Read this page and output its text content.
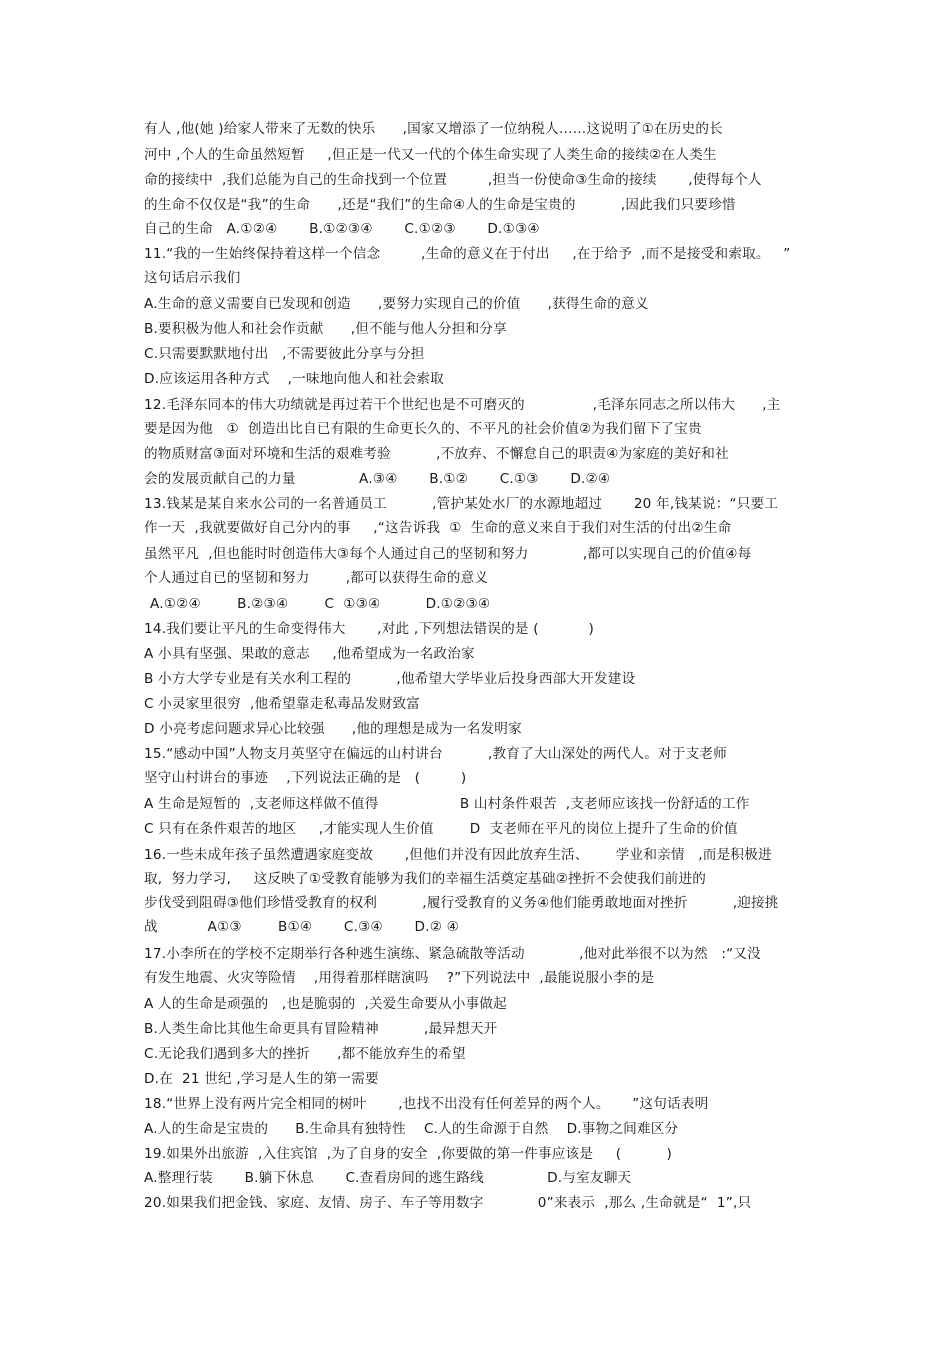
有人 ,他(她 )给家人带来了无数的快乐      ,国家又增添了一位纳税人……这说明了①在历史的长
河中 ,个人的生命虽然短暂     ,但正是一代又一代的个体生命实现了人类生命的接续②在人类生
命的接续中  ,我们总能为自己的生命找到一个位置         ,担当一份使命③生命的接续       ,使得每个人
的生命不仅仅是“我”的生命      ,还是“我们”的生命④人的生命是宝贵的          ,因此我们只要珍惜
自己的生命   A.①②④       B.①②③④       C.①②③       D.①③④
11.“我的一生始终保持着这样一个信念         ,生命的意义在于付出     ,在于给予  ,而不是接受和索取。   ”
这句话启示我们
A.生命的意义需要自已发现和创造      ,要努力实现自己的价值      ,获得生命的意义
B.要积极为他人和社会作贡献      ,但不能与他人分担和分享
C.只需要默默地付出   ,不需要彼此分享与分担
D.应该运用各种方式    ,一味地向他人和社会索取
12.毛泽东同本的伟大功绩就是再过若干个世纪也是不可磨灭的               ,毛泽东同志之所以伟大      ,主
要是因为他   ①  创造出比自已有限的生命更长久的、不平凡的社会价值②为我们留下了宝贵
的物质财富③面对环境和生活的艰难考验          ,不放弃、不懈怠自己的职责④为家庭的美好和社
会的发展贡献自己的力量              A.③④       B.①②       C.①③       D.②④
13.钱某是某自来水公司的一名普通员工          ,管护某处水厂的水源地超过       20 年,钱某说：“只要工
作一天  ,我就要做好自己分内的事     ,“这告诉我  ①  生命的意义来自于我们对生活的付出②生命
虽然平凡  ,但也能时时创造伟大③每个人通过自己的坚韧和努力            ,都可以实现自己的价值④每
个人通过自已的坚韧和努力        ,都可以获得生命的意义
A.①②④        B.②③④        C  ①③④          D.①②③④
14.我们要让平凡的生命变得伟大       ,对此 ,下列想法错误的是 (           )
A 小具有坚强、果敢的意志     ,他希望成为一名政治家
B 小方大学专业是有关水利工程的          ,他希望大学毕业后投身西部大开发建设
C 小灵家里很穷  ,他希望靠走私毒品发财致富
D 小亮考虑问题求异心比较强      ,他的理想是成为一名发明家
15.“感动中国”人物支月英坚守在偏远的山村讲台          ,教育了大山深处的两代人。对于支老师
坚守山村讲台的事迹    ,下列说法正确的是   (         )
A 生命是短暂的  ,支老师这样做不值得                  B 山村条件艰苦  ,支老师应该找一份舒适的工作
C 只有在条件艰苦的地区     ,才能实现人生价值        D  支老师在平凡的岗位上提升了生命的价值
16.一些未成年孩子虽然遭遇家庭变故       ,但他们并没有因此放弃生活、      学业和亲情   ,而是积极进
取,  努力学习,     这反映了①受教育能够为我们的幸福生活奠定基础②挫折不会使我们前进的
步伐受到阻碍③他们珍惜受教育的权利          ,履行受教育的义务④他们能勇敢地面对挫折          ,迎接挑
战           A①③        B①④       C.③④       D.② ④
17.小李所在的学校不定期举行各种逃生演练、紧急硫散等活动            ,他对此举很不以为然   :“又没
有发生地震、火灾等险情    ,用得着那样瞎演吗    ?”下列说法中  ,最能说服小李的是
A 人的生命是顽强的   ,也是脆弱的  ,关爱生命要从小事做起
B.人类生命比其他生命更具有冒险精神          ,最异想天开
C.无论我们遇到多大的挫折      ,都不能放弃生的希望
D.在  21 世纪 ,学习是人生的第一需要
18.“世界上没有两片完全相同的树叶       ,也找不出没有任何差异的两个人。     ”这句话表明
A.人的生命是宝贵的      B.生命具有独特性    C.人的生命源于自然    D.事物之间难区分
19.如果外出旅游  ,入住宾馆  ,为了自身的安全  ,你要做的第一件事应该是     (          )
A.整理行装       B.躺下休息       C.查看房间的逃生路线              D.与室友聊天
20.如果我们把金钱、家庭、友情、房子、车子等用数字            0”来表示  ,那么 ,生命就是“  1”,只
